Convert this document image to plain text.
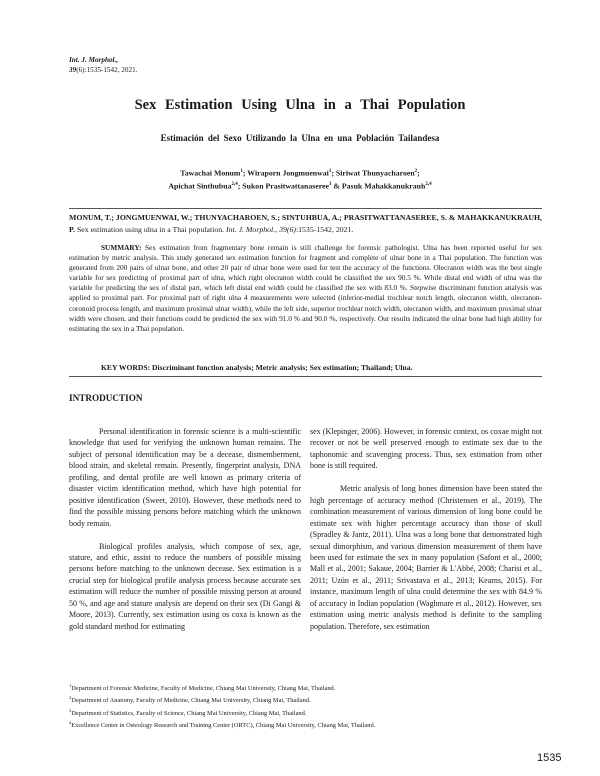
Int. J. Morphol.,
39(6):1535-1542, 2021.
Sex Estimation Using Ulna in a Thai Population
Estimación del Sexo Utilizando la Ulna en una Población Tailandesa
Tawachai Monum$^1$; Wiraporn Jongmuenwai$^1$; Siriwat Thunyacharoen$^2$;
Apichat Sinthubua$^{2,4}$; Sukon Prasitwattanaseree$^3$ & Pasuk Mahakkanukrauh$^{2,4}$
MONUM, T.; JONGMUENWAI, W.; THUNYACHAROEN, S.; SINTUHBUA, A.; PRASITWATTANASEREE, S. & MAHAKKANUKRAUH, P. Sex estimation using ulna in a Thai population. Int. J. Morphol., 39(6):1535-1542, 2021.
SUMMARY: Sex estimation from fragmentary bone remain is still challenge for forensic pathologist. Ulna has been reported useful for sex estimation by metric analysis. This study generated sex estimation function for fragment and complete of ulnar bone in a Thai population. The function was generated from 200 pairs of ulnar bone, and other 20 pair of ulnar bone were used for test the accuracy of the functions. Olecranon width was the best single variable for sex predicting of proximal part of ulna, which right olecranon width could be classified the sex 90.5 %. While distal end width of ulna was the variable for predicting the sex of distal part, which left distal end width could be classified the sex with 83.0 %. Stepwise discriminant function analysis was applied to proximal part. For proximal part of right ulna 4 measurements were selected (inferior-medial trochlear notch length, olecranon width, olecranon-coronoid process length, and maximum proximal ulnar width), while the left side, superior trochlear notch width, olecranon width, and maximum proximal ulnar width were chosen, and their functions could be predicted the sex with 91.0 % and 90.0 %, respectively. Our results indicated the ulnar bone had high ability for estimating the sex in a Thai population.
KEY WORDS: Discriminant function analysis; Metric analysis; Sex estimation; Thailand; Ulna.
INTRODUCTION

Personal identification in forensic science is a multi-scientific knowledge that used for verifying the unknown human remains. The subject of personal identification may be a decease, dismemberment, blood strain, and skeletal remain. Presently, fingerprint analysis, DNA profiling, and dental profile are well known as primary criteria of disaster victim identification method, which have high potential for positive identification (Sweet, 2010). However, these methods need to find the possible missing persons before matching which the unknown body remain.

Biological profiles analysis, which compose of sex, age, stature, and ethic, assist to reduce the numbers of possible missing persons before matching to the unknown decease. Sex estimation is a crucial step for biological profile analysis process because accurate sex estimation will reduce the number of possible missing person at around 50 %, and age and stature analysis are depend on their sex (Di Gangi & Moore, 2013). Currently, sex estimation using os coxa is known as the gold standard method for estimating

sex (Klepinger, 2006). However, in forensic context, os coxae might not recover or not be well preserved enough to estimate sex due to the taphonomic and scavenging process. Thus, sex estimation from other bone is still required.

Metric analysis of long bones dimension have been stated the high percentage of accuracy method (Christensen et al., 2019). The combination measurement of various dimension of long bone could be estimate sex with higher percentage accuracy than those of skull (Spradley & Jantz, 2011). Ulna was a long bone that demonstrated high sexual dimorphism, and various dimension measurement of them have been used for estimate the sex in many population (Safont et al., 2000; Mall et al., 2001; Sakaue, 2004; Barrier & L'Abbé, 2008; Charisi et al., 2011; Uzün et al., 2011; Srivastava et al., 2013; Kearns, 2015). For instance, maximum length of ulna could determine the sex with 84.9 % of accuracy in Indian population (Waghmare et al., 2012). However, sex estimation using metric analysis method is definite to the sampling population. Therefore, sex estimation

$^1$Department of Forensic Medicine, Faculty of Medicine, Chiang Mai University, Chiang Mai, Thailand.
$^2$Department of Anatomy, Faculty of Medicine, Chiang Mai University, Chiang Mai, Thailand.
$^3$Department of Statistics, Faculty of Science, Chiang Mai University, Chiang Mai, Thailand.
$^4$Excellence Center in Osteology Research and Training Center (ORTC), Chiang Mai University, Chiang Mai, Thailand.
1535
